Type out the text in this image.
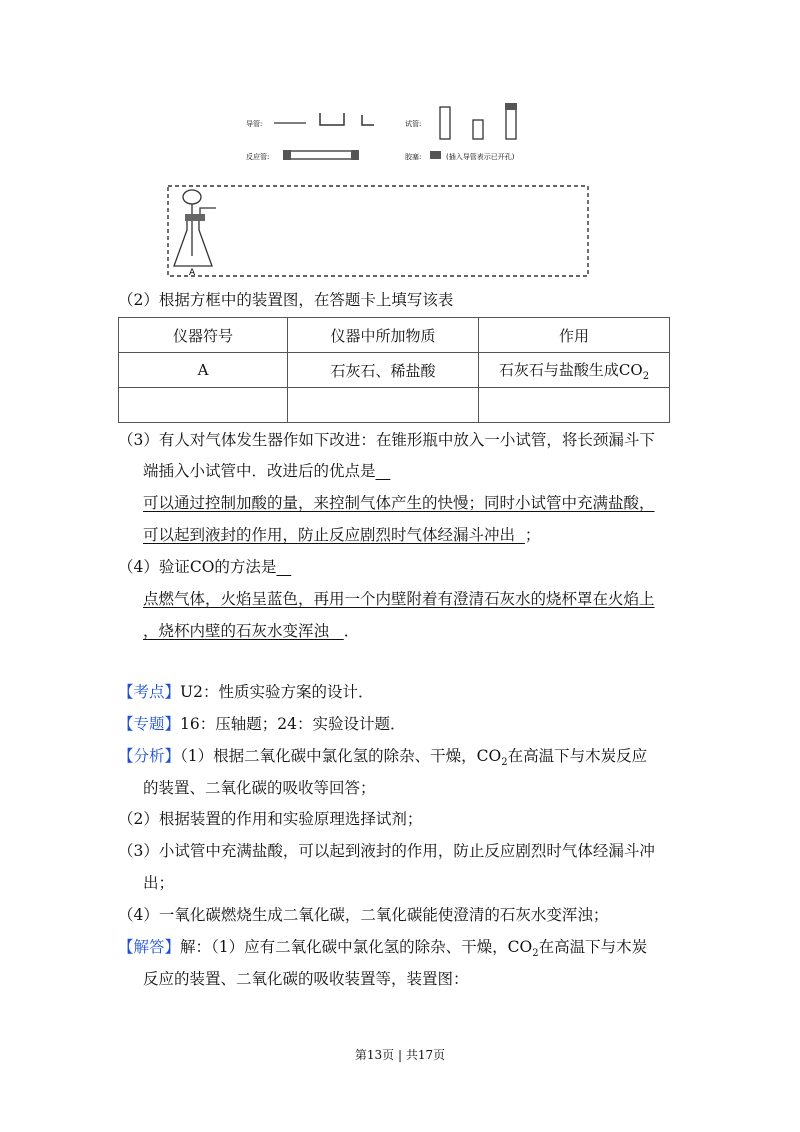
导管:	试管:
反应管:	胶塞:	(插入导管表示已开孔)
A
（2）根据方框中的装置图，在答题卡上填写该表
仪器符号	仪器中所加物质	作用
A	石灰石、稀盐酸	石灰石与盐酸生成$CO_2$

（3）有人对气体发生器作如下改进：在锥形瓶中放入一小试管，将长颈漏斗下
端插入小试管中．改进后的优点是
可以通过控制加酸的量，来控制气体产生的快慢；同时小试管中充满盐酸，
可以起到液封的作用，防止反应剧烈时气体经漏斗冲出 ；
（4）验证CO的方法是
点燃气体，火焰呈蓝色，再用一个内壁附着有澄清石灰水的烧杯罩在火焰上
，烧杯内壁的石灰水变浑浊 ．
【考点】U2：性质实验方案的设计．
【专题】16：压轴题；24：实验设计题．
【分析】（1）根据二氧化碳中氯化氢的除杂、干燥，$CO_2$在高温下与木炭反应
的装置、二氧化碳的吸收等回答；
（2）根据装置的作用和实验原理选择试剂；
（3）小试管中充满盐酸，可以起到液封的作用，防止反应剧烈时气体经漏斗冲
出；
（4）一氧化碳燃烧生成二氧化碳，二氧化碳能使澄清的石灰水变浑浊；
【解答】解：（1）应有二氧化碳中氯化氢的除杂、干燥，$CO_2$在高温下与木炭
反应的装置、二氧化碳的吸收装置等，装置图：
第13页 | 共17页
